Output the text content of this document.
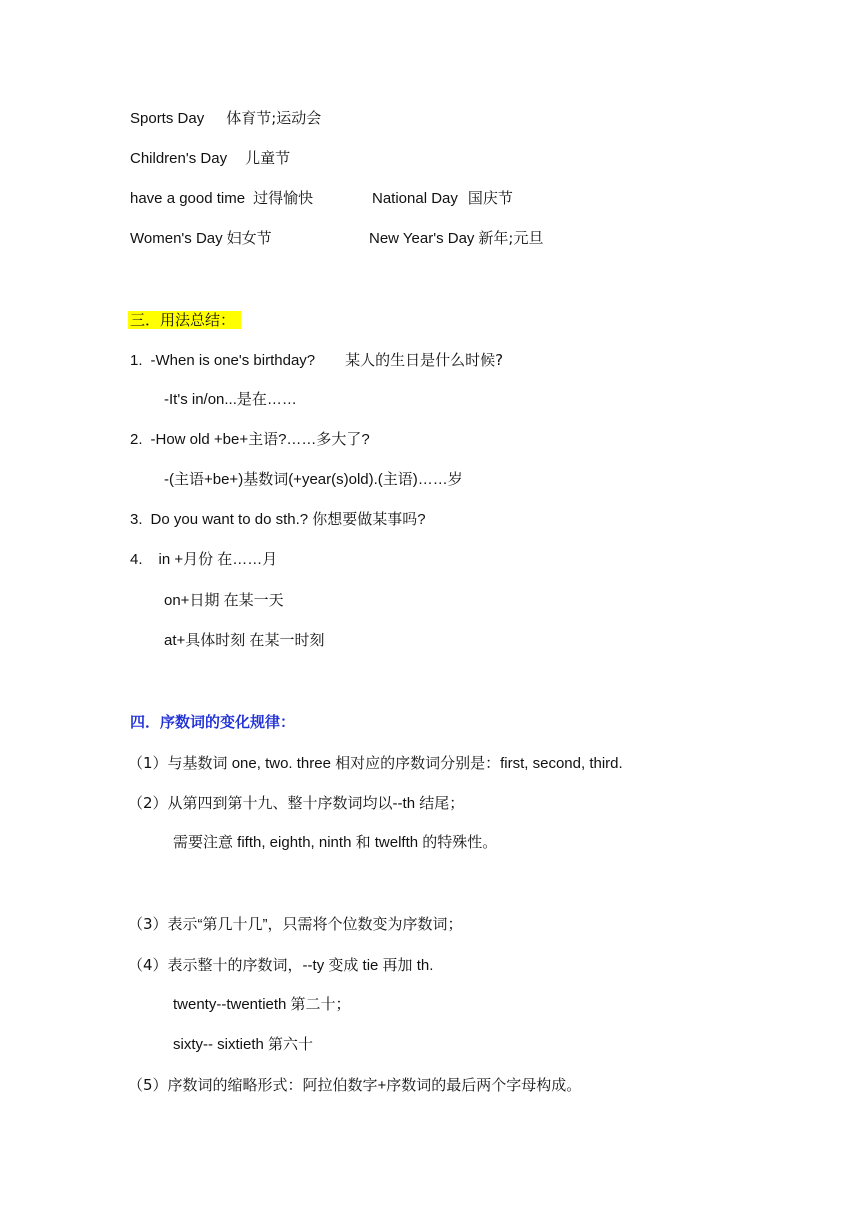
Sports Day 体育节;运动会
Children's Day 儿童节
have a good time 过得愉快	National Day 国庆节
Women's Day 妇女节	New Year's Day 新年;元旦
三．用法总结：
1. -When is one's birthday? 某人的生日是什么时候?
-It's in/on...是在……
2. -How old +be+主语?……多大了?
-(主语+be+)基数词(+year(s)old).(主语)……岁
3. Do you want to do sth.? 你想要做某事吗?
4. in +月份 在……月
on+日期 在某一天
at+具体时刻 在某一时刻
四．序数词的变化规律：
（1）与基数词 one, two. three 相对应的序数词分别是：first, second, third.
（2）从第四到第十九、整十序数词均以--th 结尾；
需要注意 fifth, eighth, ninth 和 twelfth 的特殊性。
（3）表示“第几十几”，只需将个位数变为序数词；
（4）表示整十的序数词，--ty 变成 tie 再加 th.
twenty--twentieth 第二十；
sixty-- sixtieth 第六十
（5）序数词的缩略形式：阿拉伯数字+序数词的最后两个字母构成。
